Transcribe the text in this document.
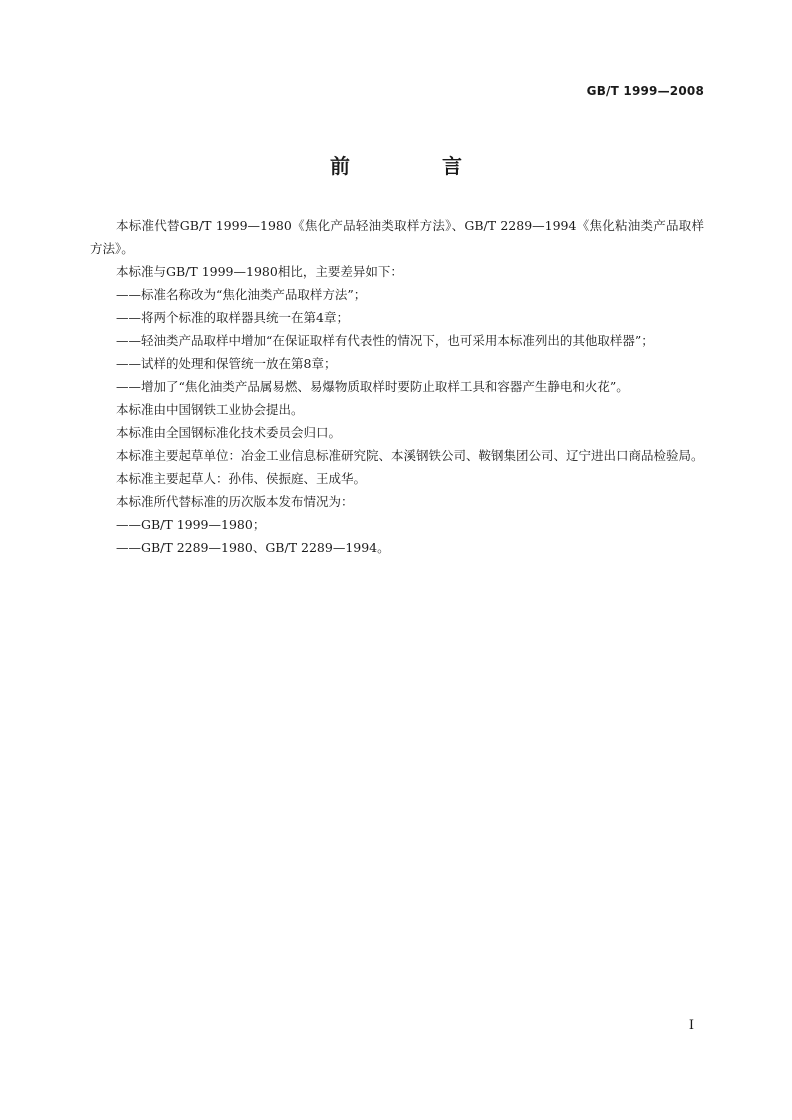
GB/T 1999—2008
前　言

本标准代替GB/T 1999—1980《焦化产品轻油类取样方法》、GB/T 2289—1994《焦化粘油类产品取样方法》。

本标准与GB/T 1999—1980相比，主要差异如下：

——标准名称改为“焦化油类产品取样方法”；

——将两个标准的取样器具统一在第4章；

——轻油类产品取样中增加“在保证取样有代表性的情况下，也可采用本标准列出的其他取样器”；

——试样的处理和保管统一放在第8章；

——增加了“焦化油类产品属易燃、易爆物质取样时要防止取样工具和容器产生静电和火花”。

本标准由中国钢铁工业协会提出。

本标准由全国钢标准化技术委员会归口。

本标准主要起草单位：冶金工业信息标准研究院、本溪钢铁公司、鞍钢集团公司、辽宁进出口商品检验局。

本标准主要起草人：孙伟、侯振庭、王成华。

本标准所代替标准的历次版本发布情况为：

——GB/T 1999—1980；

——GB/T 2289—1980、GB/T 2289—1994。

I
